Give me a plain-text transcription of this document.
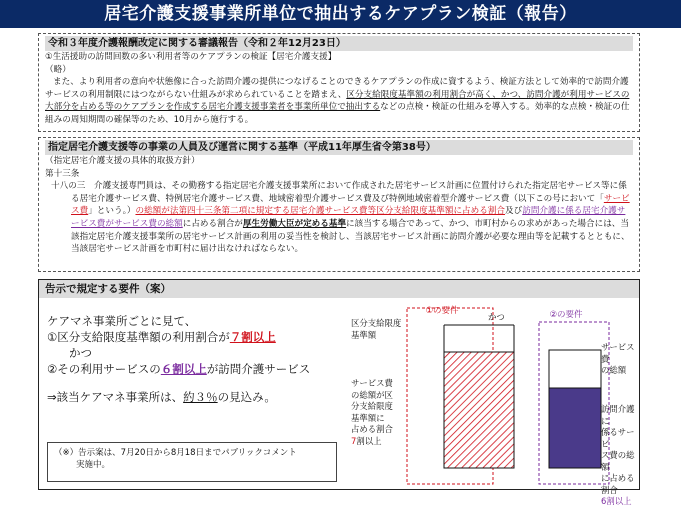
居宅介護支援事業所単位で抽出するケアプラン検証（報告）
令和３年度介護報酬改定に関する審議報告（令和２年12月23日）
①生活援助の訪問回数の多い利用者等のケアプランの検証【居宅介護支援】
（略）
また、より利用者の意向や状態像に合った訪問介護の提供につなげることのできるケアプランの作成に資するよう、検証方法として効率的で訪問介護サービスの利用制限にはつながらない仕組みが求められていることを踏まえ、区分支給限度基準額の利用割合が高く、かつ、訪問介護が利用サービスの大部分を占める等のケアプランを作成する居宅介護支援事業者を事業所単位で抽出するなどの点検・検証の仕組みを導入する。効率的な点検・検証の仕組みの周知期間の確保等のため、10月から施行する。
指定居宅介護支援等の事業の人員及び運営に関する基準（平成11年厚生省令第38号）
（指定居宅介護支援の具体的取扱方針）
第十三条
十八の三　介護支援専門員は、その勤務する指定居宅介護支援事業所において作成された居宅サービス計画に位置付けられた指定居宅サービス等に係る居宅介護サービス費、特例居宅介護サービス費、地域密着型介護サービス費及び特例地域密着型介護サービス費（以下この号において「サービス費」という。）の総額が法第四十三条第二項に規定する居宅介護サービス費等区分支給限度基準額に占める割合及び訪問介護に係る居宅介護サービス費がサービス費の総額に占める割合が厚生労働大臣が定める基準に該当する場合であって、かつ、市町村からの求めがあった場合には、当該指定居宅介護支援事業所の居宅サービス計画の利用の妥当性を検討し、当該居宅サービス計画に訪問介護が必要な理由等を記載するとともに、当該居宅サービス計画を市町村に届け出なければならない。
告示で規定する要件（案）
ケアマネ事業所ごとに見て、
①区分支給限度基準額の利用割合が７割以上
かつ
②その利用サービスの６割以上が訪問介護サービス
⇒該当ケアマネ事業所は、約３％の見込み。
（※）告示案は、7月20日から8月18日までパブリックコメント
実施中。
①の要件
かつ	②の要件
区分支給限度
基準額
サービス費
の総額が区
分支給限度
基準額に
占める割合
7割以上
サービス費
の総額
訪問介護に
係るサービ
ス費の総額
に占める割合
6割以上
